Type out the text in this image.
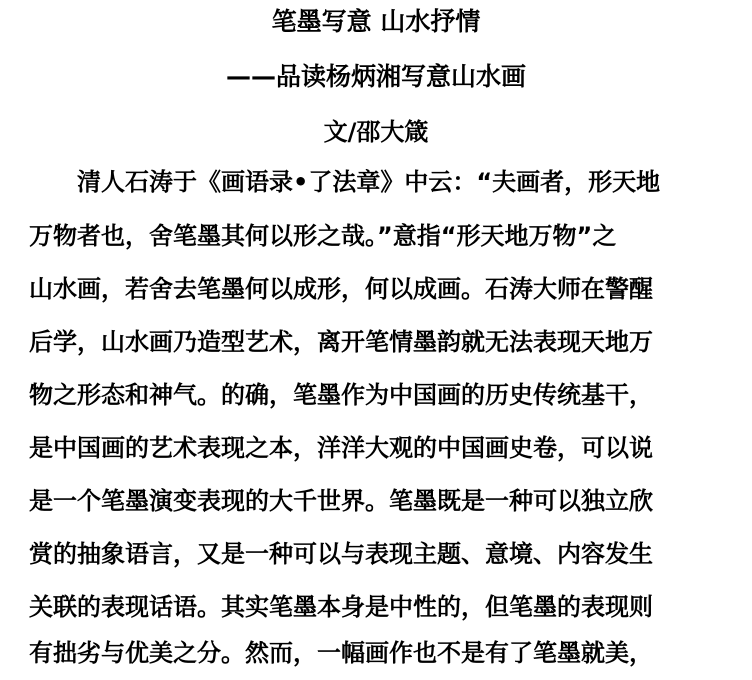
笔墨写意 山水抒情
——品读杨炳湘写意山水画
文/邵大箴

清人石涛于《画语录•了法章》中云：“夫画者，形天地

万物者也，舍笔墨其何以形之哉。”意指“形天地万物”之

山水画，若舍去笔墨何以成形，何以成画。石涛大师在警醒

后学，山水画乃造型艺术，离开笔情墨韵就无法表现天地万

物之形态和神气。的确，笔墨作为中国画的历史传统基干，

是中国画的艺术表现之本，洋洋大观的中国画史卷，可以说

是一个笔墨演变表现的大千世界。笔墨既是一种可以独立欣

赏的抽象语言，又是一种可以与表现主题、意境、内容发生

关联的表现话语。其实笔墨本身是中性的，但笔墨的表现则

有拙劣与优美之分。然而，一幅画作也不是有了笔墨就美，
